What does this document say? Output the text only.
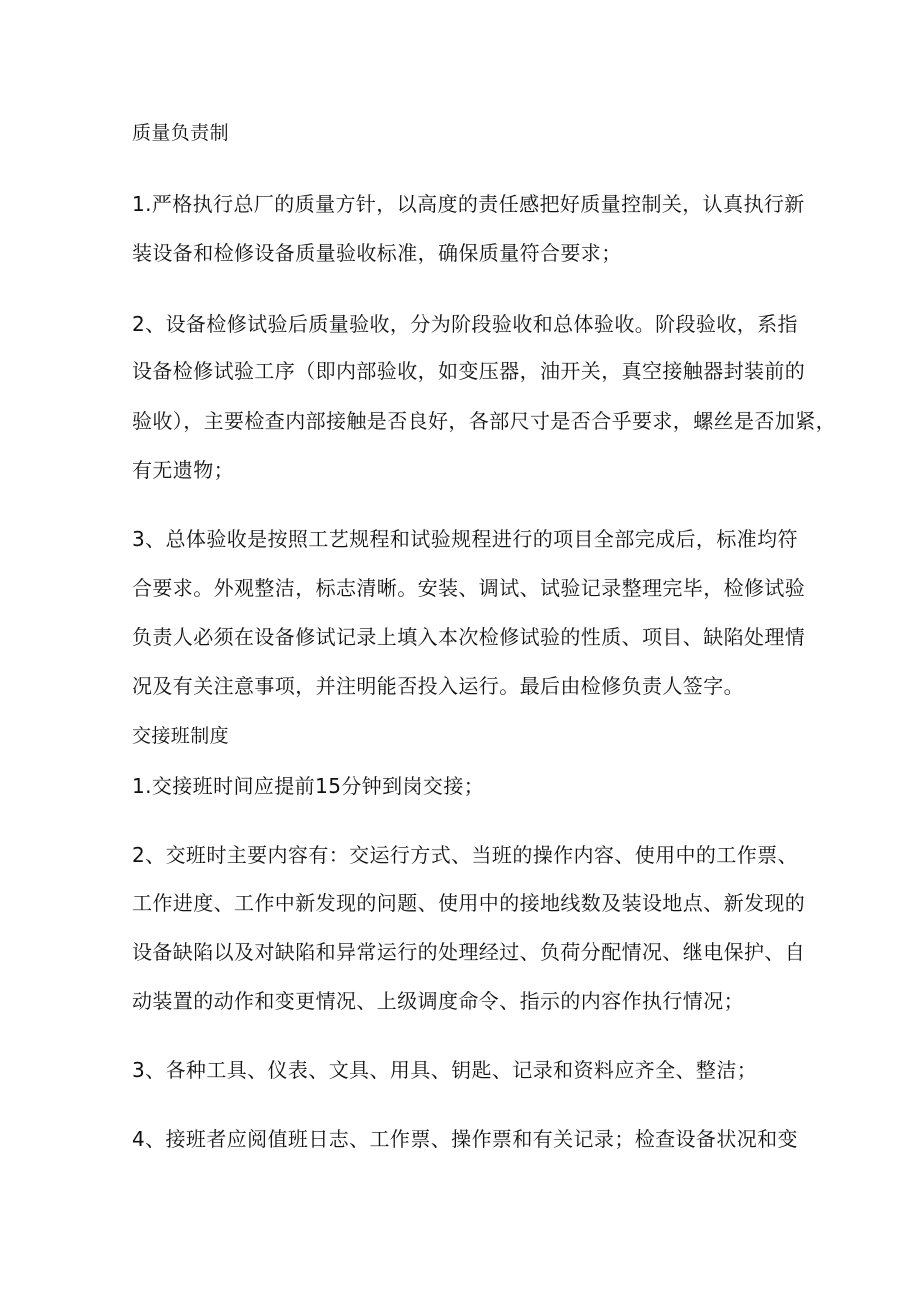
质量负责制
1.严格执行总厂的质量方针，以高度的责任感把好质量控制关，认真执行新
装设备和检修设备质量验收标准，确保质量符合要求；
2、设备检修试验后质量验收，分为阶段验收和总体验收。阶段验收，系指
设备检修试验工序（即内部验收，如变压器，油开关，真空接触器封装前的
验收），主要检查内部接触是否良好，各部尺寸是否合乎要求，螺丝是否加紧，
有无遗物；
3、总体验收是按照工艺规程和试验规程进行的项目全部完成后，标准均符
合要求。外观整洁，标志清晰。安装、调试、试验记录整理完毕，检修试验
负责人必须在设备修试记录上填入本次检修试验的性质、项目、缺陷处理情
况及有关注意事项，并注明能否投入运行。最后由检修负责人签字。
交接班制度
1.交接班时间应提前15分钟到岗交接；
2、交班时主要内容有：交运行方式、当班的操作内容、使用中的工作票、
工作进度、工作中新发现的问题、使用中的接地线数及装设地点、新发现的
设备缺陷以及对缺陷和异常运行的处理经过、负荷分配情况、继电保护、自
动装置的动作和变更情况、上级调度命令、指示的内容作执行情况；
3、各种工具、仪表、文具、用具、钥匙、记录和资料应齐全、整洁；
4、接班者应阅值班日志、工作票、操作票和有关记录；检查设备状况和变
